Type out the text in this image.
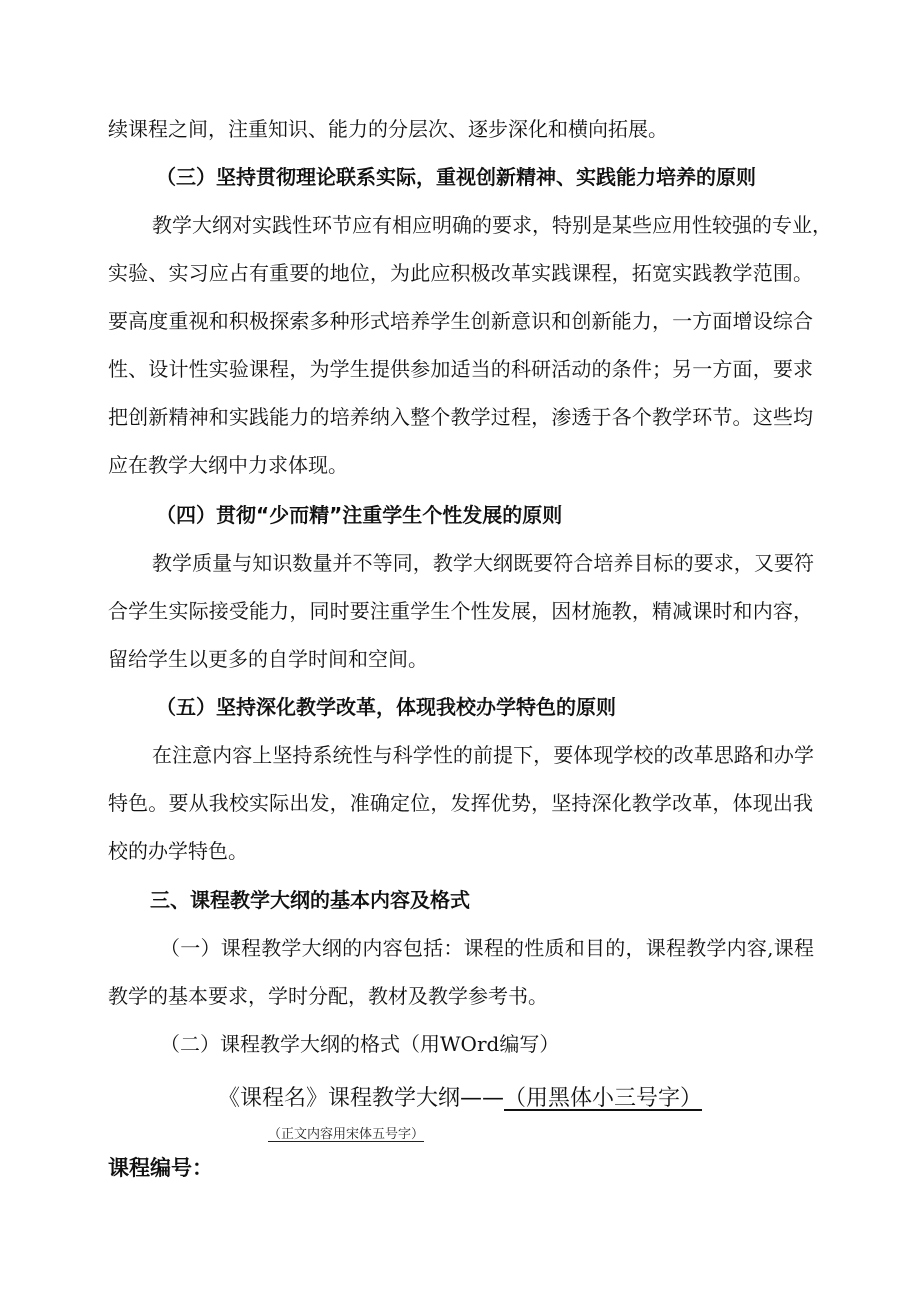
续课程之间，注重知识、能力的分层次、逐步深化和横向拓展。
（三）坚持贯彻理论联系实际，重视创新精神、实践能力培养的原则
教学大纲对实践性环节应有相应明确的要求，特别是某些应用性较强的专业，
实验、实习应占有重要的地位，为此应积极改革实践课程，拓宽实践教学范围。
要高度重视和积极探索多种形式培养学生创新意识和创新能力，一方面增设综合
性、设计性实验课程，为学生提供参加适当的科研活动的条件；另一方面，要求
把创新精神和实践能力的培养纳入整个教学过程，渗透于各个教学环节。这些均
应在教学大纲中力求体现。
（四）贯彻“少而精”注重学生个性发展的原则
教学质量与知识数量并不等同，教学大纲既要符合培养目标的要求，又要符
合学生实际接受能力，同时要注重学生个性发展，因材施教，精减课时和内容，
留给学生以更多的自学时间和空间。
（五）坚持深化教学改革，体现我校办学特色的原则
在注意内容上坚持系统性与科学性的前提下，要体现学校的改革思路和办学
特色。要从我校实际出发，准确定位，发挥优势，坚持深化教学改革，体现出我
校的办学特色。
三、课程教学大纲的基本内容及格式
（一）课程教学大纲的内容包括：课程的性质和目的，课程教学内容,课程
教学的基本要求，学时分配，教材及教学参考书。
（二）课程教学大纲的格式（用WOrd编写）
《课程名》课程教学大纲——（用黑体小三号字）
（正文内容用宋体五号字）
课程编号：
